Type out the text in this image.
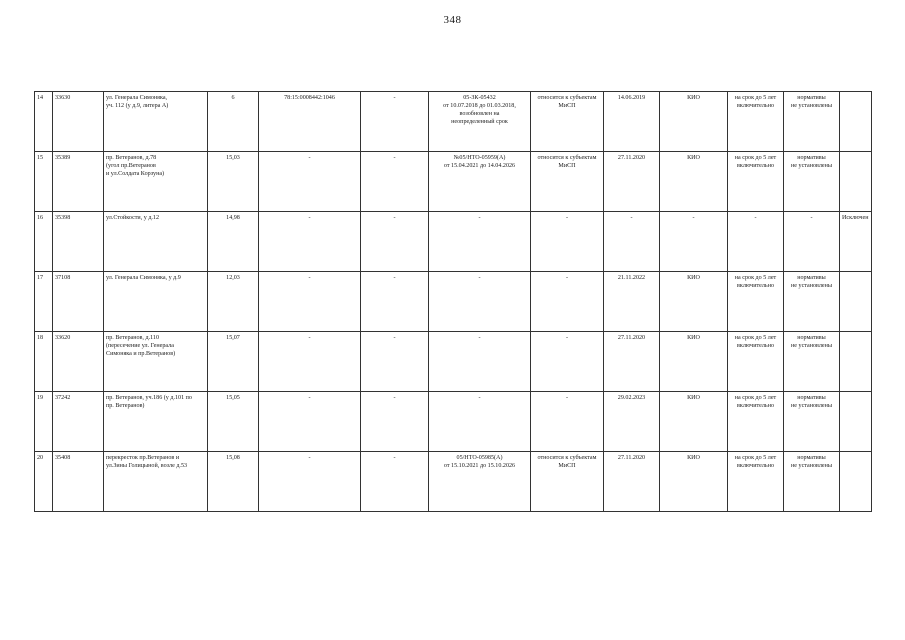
348
14	33630	ул. Генерала Симоняка,
уч. 112 (у д.9, литера А)	6	78:15:0008442:1046	-	05-ЗК-05432
от 10.07.2018 до 01.03.2018,
возобновлен на
неопределенный срок	относится к субъектам
МиСП	14.06.2019	КИО	на срок до 5 лет
включительно	нормативы
не установлены	
15	35389	пр. Ветеранов, д.78
(угол пр.Ветеранов
и ул.Солдата Корзуна)	15,03	-	-	№05/НТО-05959(А)
от 15.04.2021 до 14.04.2026	относится к субъектам
МиСП	27.11.2020	КИО	на срок до 5 лет
включительно	нормативы
не установлены	
16	35398	ул.Стойкости, у д.12	14,98	-	-	-	-	-	-	-	-	Исключен
17	37108	ул. Генерала Симоняка, у д.9	12,03	-	-	-	-	21.11.2022	КИО	на срок до 5 лет
включительно	нормативы
не установлены	
18	33620	пр. Ветеранов, д.110
(пересечение ул. Генерала
Симоняка и пр.Ветеранов)	15,07	-	-	-	-	27.11.2020	КИО	на срок до 5 лет
включительно	нормативы
не установлены	
19	37242	пр. Ветеранов, уч.186 (у д.101 по
пр. Ветеранов)	15,05	-	-	-	-	29.02.2023	КИО	на срок до 5 лет
включительно	нормативы
не установлены	
20	35408	перекресток пр.Ветеранов и
ул.Зины Голицыной, возле д.53	15,08	-	-	05/НТО-05985(А)
от 15.10.2021 до 15.10.2026	относится к субъектам
МиСП	27.11.2020	КИО	на срок до 5 лет
включительно	нормативы
не установлены	
